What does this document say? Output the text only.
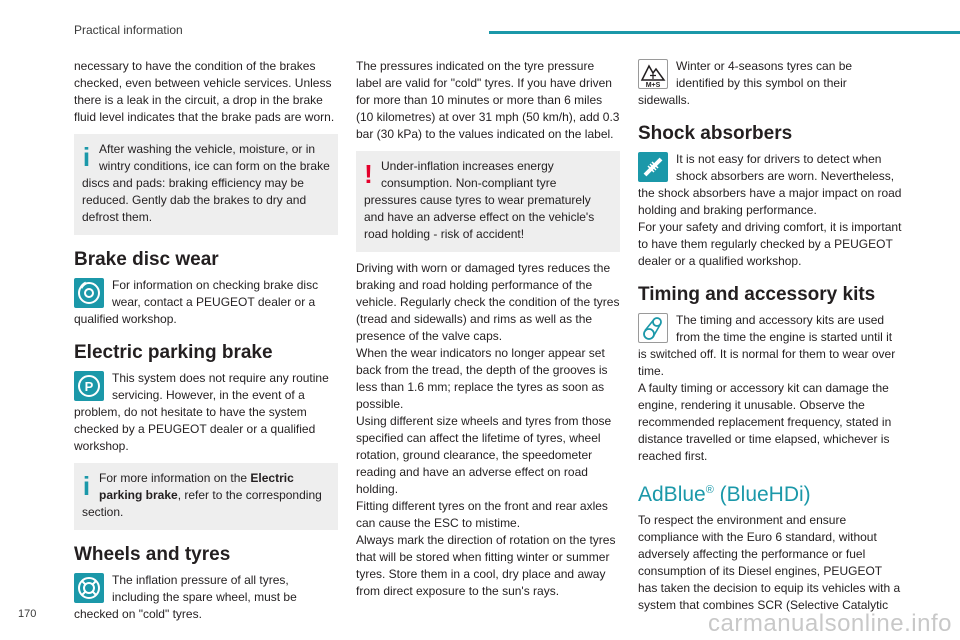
Practical information

necessary to have the condition of the brakes checked, even between vehicle services. Unless there is a leak in the circuit, a drop in the brake fluid level indicates that the brake pads are worn.

i After washing the vehicle, moisture, or in wintry conditions, ice can form on the brake discs and pads: braking efficiency may be reduced. Gently dab the brakes to dry and defrost them.
Brake disc wear

For information on checking brake disc wear, contact a PEUGEOT dealer or a qualified workshop.

Electric parking brake
P

This system does not require any routine servicing. However, in the event of a problem, do not hesitate to have the system checked by a PEUGEOT dealer or a qualified workshop.

i For more information on the Electric parking brake, refer to the corresponding section.
Wheels and tyres

The inflation pressure of all tyres, including the spare wheel, must be checked on "cold" tyres.

The pressures indicated on the tyre pressure label are valid for "cold" tyres. If you have driven for more than 10 minutes or more than 6 miles (10 kilometres) at over 31 mph (50 km/h), add 0.3 bar (30 kPa) to the values indicated on the label.

! Under-inflation increases energy consumption. Non-compliant tyre pressures cause tyres to wear prematurely and have an adverse effect on the vehicle's road holding - risk of accident!

Driving with worn or damaged tyres reduces the braking and road holding performance of the vehicle. Regularly check the condition of the tyres (tread and sidewalls) and rims as well as the presence of the valve caps.

When the wear indicators no longer appear set back from the tread, the depth of the grooves is less than 1.6 mm; replace the tyres as soon as possible.

Using different size wheels and tyres from those specified can affect the lifetime of tyres, wheel rotation, ground clearance, the speedometer reading and have an adverse effect on road holding.

Fitting different tyres on the front and rear axles can cause the ESC to mistime.

Always mark the direction of rotation on the tyres that will be stored when fitting winter or summer tyres. Store them in a cool, dry place and away from direct exposure to the sun's rays.

M+S

Winter or 4-seasons tyres can be identified by this symbol on their sidewalls.

Shock absorbers

It is not easy for drivers to detect when shock absorbers are worn. Nevertheless, the shock absorbers have a major impact on road holding and braking performance.

For your safety and driving comfort, it is important to have them regularly checked by a PEUGEOT dealer or a qualified workshop.

Timing and accessory kits

The timing and accessory kits are used from the time the engine is started until it is switched off. It is normal for them to wear over time.

A faulty timing or accessory kit can damage the engine, rendering it unusable. Observe the recommended replacement frequency, stated in distance travelled or time elapsed, whichever is reached first.

AdBlue® (BlueHDi)

To respect the environment and ensure compliance with the Euro 6 standard, without adversely affecting the performance or fuel consumption of its Diesel engines, PEUGEOT has taken the decision to equip its vehicles with a system that combines SCR (Selective Catalytic

170	carmanualsonline.info
